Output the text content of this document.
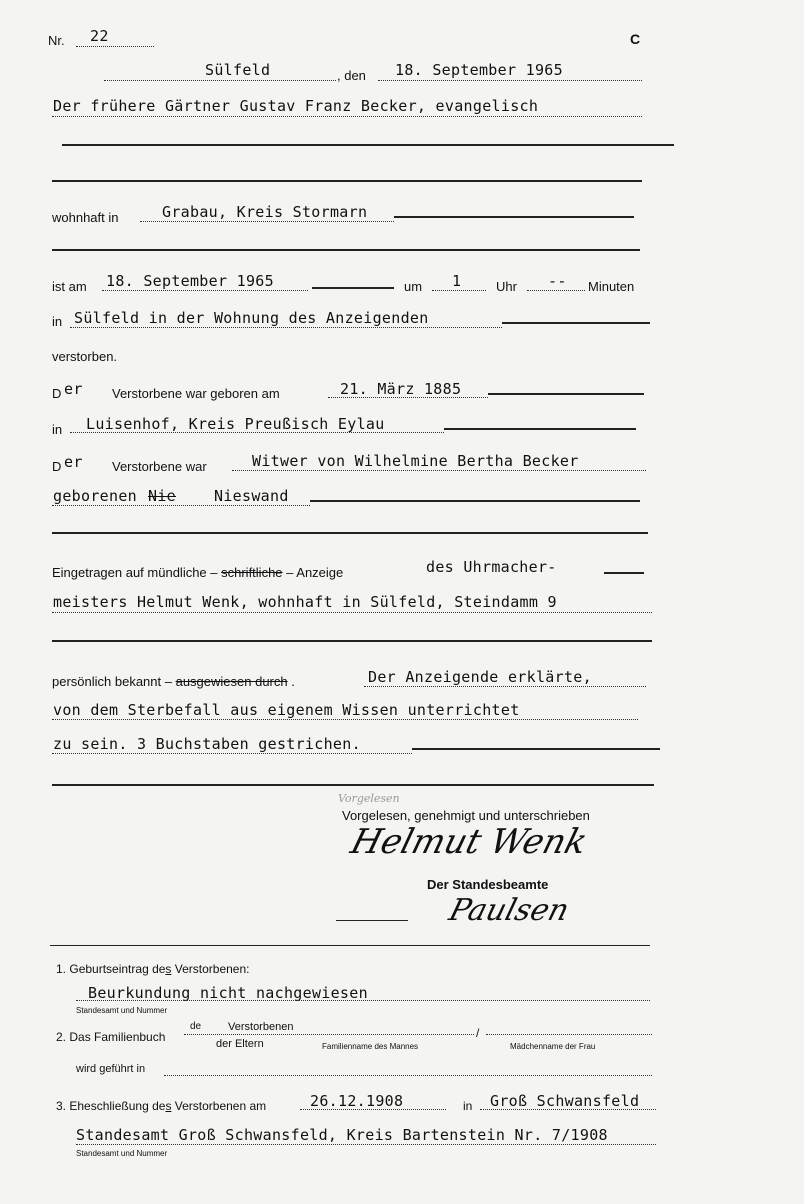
Nr. 22	C
Sülfeld	, den 18. September 1965
Der frühere Gärtner Gustav Franz Becker, evangelisch
wohnhaft in	Grabau, Kreis Stormarn
ist am 18. September 1965	um 1	Uhr -- Minuten
in Sülfeld in der Wohnung des Anzeigenden
verstorben.
D er Verstorbene war geboren am	21. März 1885
in Luisenhof, Kreis Preußisch Eylau
D er Verstorbene war	Witwer von Wilhelmine Bertha Becker
geborenen Nie	Nieswand
Eingetragen auf mündliche – schriftliche – Anzeige	des Uhrmacher-
meisters Helmut Wenk, wohnhaft in Sülfeld, Steindamm 9
persönlich bekannt – ausgewiesen durch .	Der Anzeigende erklärte,
von dem Sterbefall aus eigenem Wissen unterrichtet
zu sein. 3 Buchstaben gestrichen.
Vorgelesen
Vorgelesen, genehmigt und unterschrieben
Helmut Wenk
Der Standesbeamte
Paulsen
1. Geburtseintrag des Verstorbenen:
Beurkundung nicht nachgewiesen
Standesamt und Nummer
2. Das Familienbuch
de Verstorbenen	/
der Eltern	Familienname des Mannes	Mädchenname der Frau
wird geführt in
3. Eheschließung des Verstorbenen am	26.12.1908	in Groß Schwansfeld
Standesamt Groß Schwansfeld, Kreis Bartenstein Nr. 7/1908
Standesamt und Nummer
